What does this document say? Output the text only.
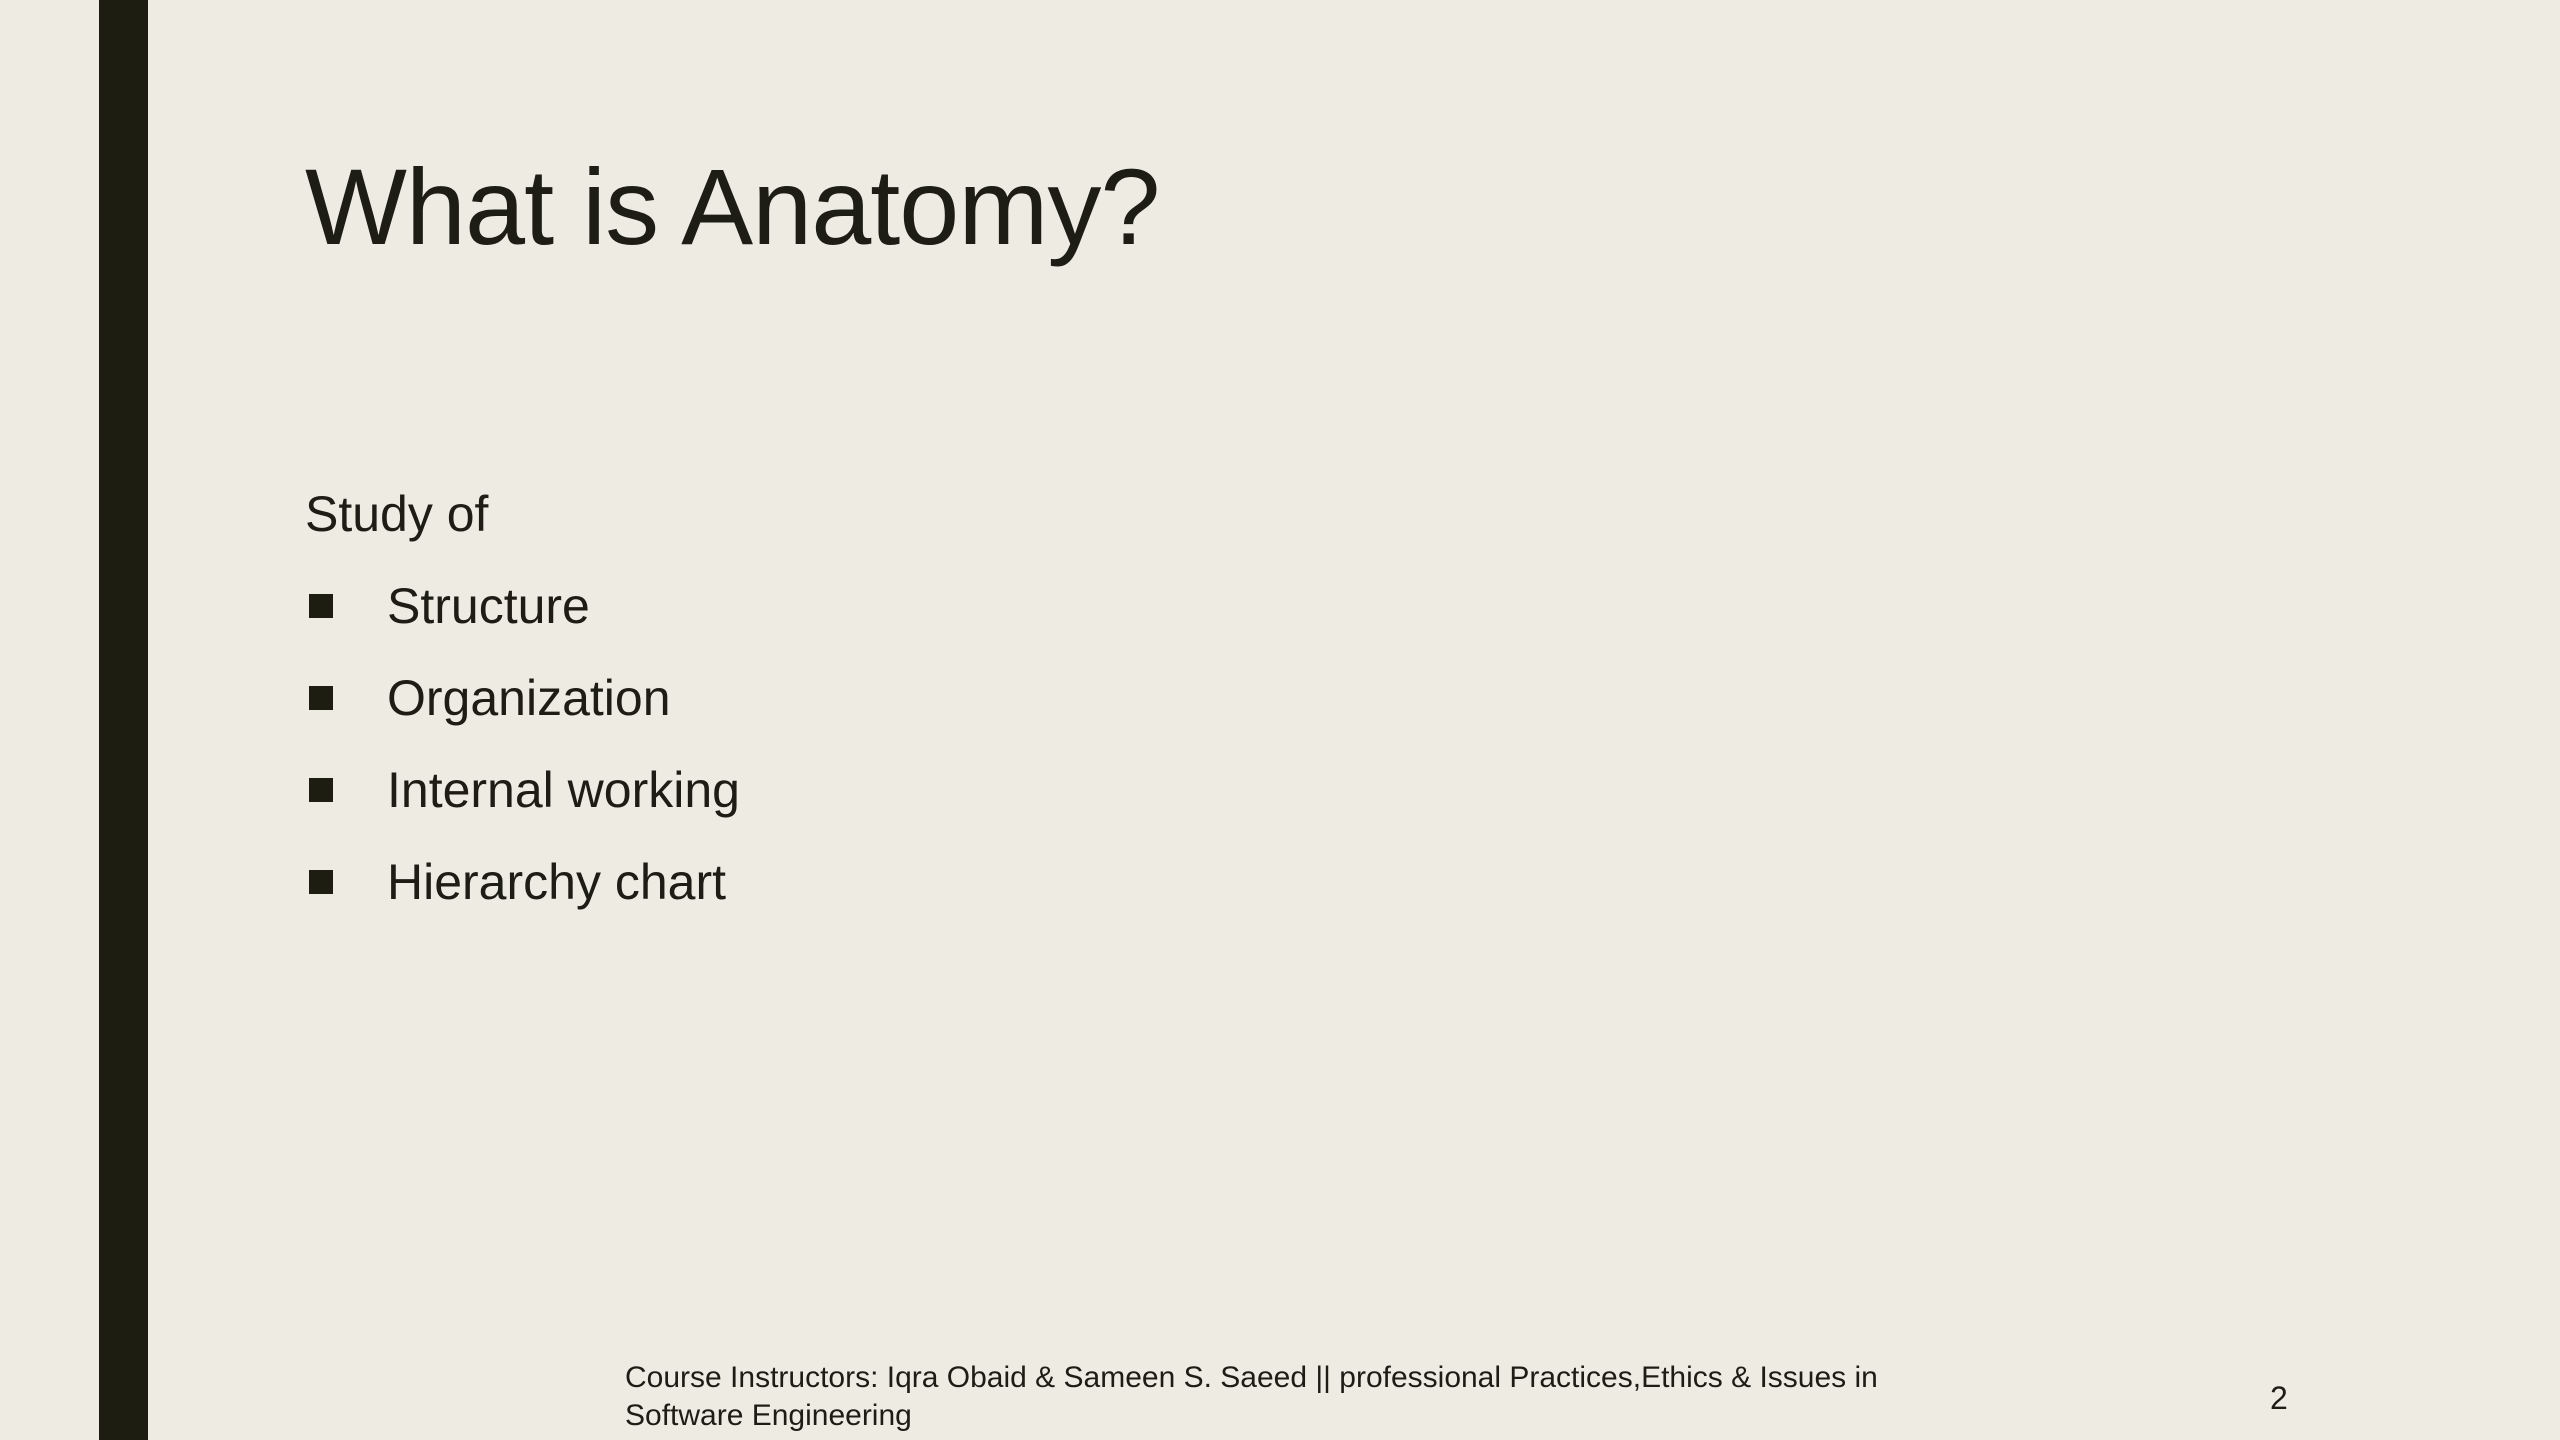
What is Anatomy?

Study of

Structure
Organization
Internal working
Hierarchy chart

Course Instructors: Iqra Obaid & Sameen S. Saeed || professional Practices,Ethics & Issues in Software Engineering	2
